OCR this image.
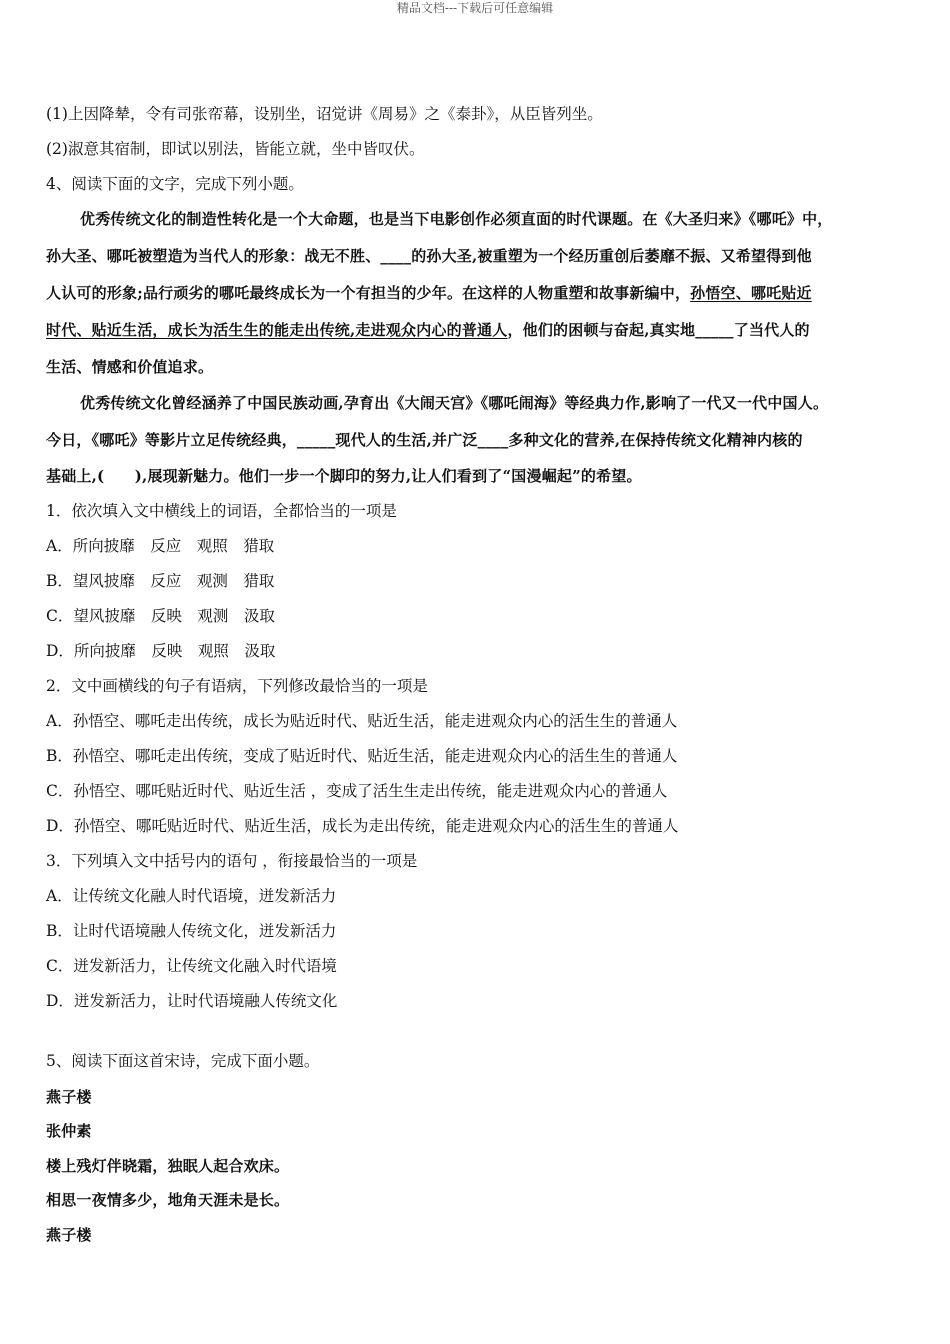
精品文档---下载后可任意编辑
(1)上因降辇，令有司张帟幕，设别坐，诏觉讲《周易》之《泰卦》，从臣皆列坐。
(2)淑意其宿制，即试以别法，皆能立就，坐中皆叹伏。
4、阅读下面的文字，完成下列小题。
优秀传统文化的制造性转化是一个大命题，也是当下电影创作必须直面的时代课题。在《大圣归来》《哪吒》中，
孙大圣、哪吒被塑造为当代人的形象：战无不胜、____的孙大圣,被重塑为一个经历重创后萎靡不振、又希望得到他
人认可的形象;品行顽劣的哪吒最终成长为一个有担当的少年。在这样的人物重塑和故事新编中，孙悟空、哪吒贴近
时代、贴近生活，成长为活生生的能走出传统,走进观众内心的普通人，他们的困顿与奋起,真实地_____了当代人的
生活、情感和价值追求。
优秀传统文化曾经涵养了中国民族动画,孕育出《大闹天宫》《哪吒闹海》等经典力作,影响了一代又一代中国人。
今日，《哪吒》等影片立足传统经典，_____现代人的生活,并广泛____多种文化的营养,在保持传统文化精神内核的
基础上,(　　),展现新魅力。他们一步一个脚印的努力,让人们看到了“国漫崛起”的希望。
1．依次填入文中横线上的词语，全都恰当的一项是
A．所向披靡　反应　观照　猎取
B．望风披靡　反应　观测　猎取
C．望风披靡　反映　观测　汲取
D．所向披靡　反映　观照　汲取
2．文中画横线的句子有语病，下列修改最恰当的一项是
A．孙悟空、哪吒走出传统，成长为贴近时代、贴近生活，能走进观众内心的活生生的普通人
B．孙悟空、哪吒走出传统，变成了贴近时代、贴近生活，能走进观众内心的活生生的普通人
C．孙悟空、哪吒贴近时代、贴近生活 ，变成了活生生走出传统，能走进观众内心的普通人
D．孙悟空、哪吒贴近时代、贴近生活，成长为走出传统，能走进观众内心的活生生的普通人
3．下列填入文中括号内的语句 ，衔接最恰当的一项是
A．让传统文化融人时代语境，迸发新活力
B．让时代语境融人传统文化，迸发新活力
C．迸发新活力，让传统文化融入时代语境
D．迸发新活力，让时代语境融人传统文化
5、阅读下面这首宋诗，完成下面小题。
燕子楼
张仲素
楼上残灯伴晓霜，独眠人起合欢床。
相思一夜情多少，地角天涯未是长。
燕子楼
